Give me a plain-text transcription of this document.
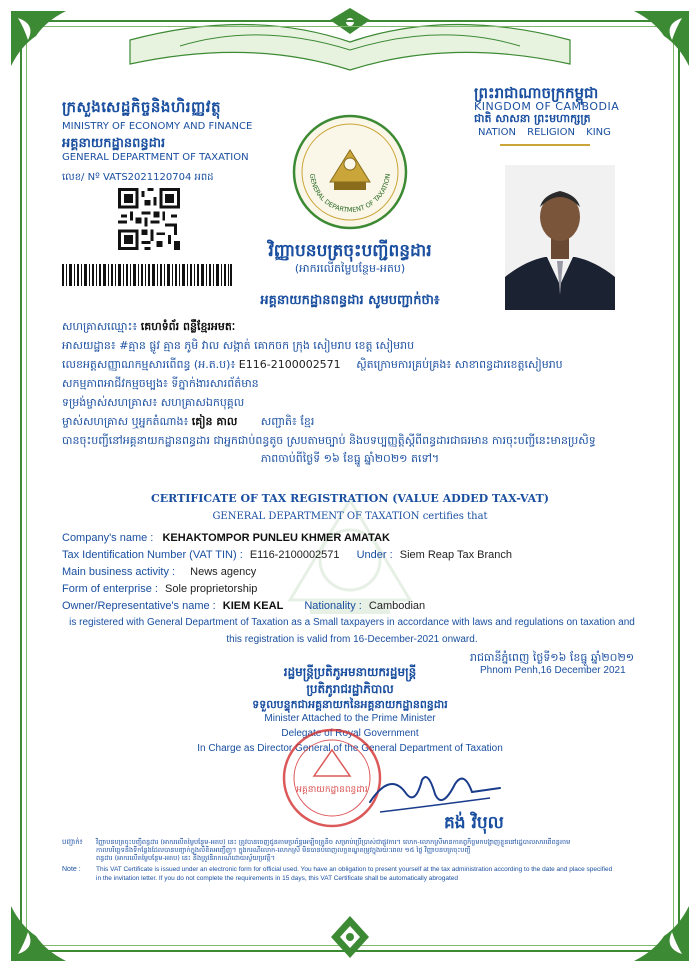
ក្រសួងសេដ្ឋកិច្ចនិងហិរញ្ញវត្ថុ
MINISTRY OF ECONOMY AND FINANCE
អគ្គនាយកដ្ឋានពន្ធដារ
GENERAL DEPARTMENT OF TAXATION
លេខ/ Nº VATS2021120704 អពដ	GENERAL DEPARTMENT OF TAXATION
ព្រះរាជាណាចក្រកម្ពុជា
KINGDOM OF CAMBODIA
ជាតិ សាសនា ព្រះមហាក្សត្រ
NATION RELIGION KING
វិញ្ញាបនបត្រចុះបញ្ជីពន្ធដារ
(អាករលើតម្លៃបន្ថែម-អតប)
អគ្គនាយកដ្ឋានពន្ធដារ សូមបញ្ជាក់ថា៖
សហគ្រាសឈ្មោះ៖ គេហទំព័រ ពន្លឺខ្មែរអមតៈ
អាសយដ្ឋាន៖ #គ្មាន ផ្លូវ គ្មាន ភូមិ វាល សង្កាត់ គោកចក ក្រុង សៀមរាប ខេត្ត សៀមរាប
លេខអត្តសញ្ញាណកម្មសារពើពន្ធ (អ.ត.ប)៖ E116-2100002571 ស្ថិតក្រោមការគ្រប់គ្រង៖ សាខាពន្ធដារខេត្តសៀមរាប
សកម្មភាពអាជីវកម្មចម្បង៖ ទីភ្នាក់ងារសារព័ត៌មាន
ទម្រង់ម្ចាស់សហគ្រាស៖ សហគ្រាសឯកបុគ្គល
ម្ចាស់សហគ្រាស ឬអ្នកតំណាង៖ គៀន គាល សញ្ជាតិ៖ ខ្មែរ
បានចុះបញ្ជីនៅអគ្គនាយកដ្ឋានពន្ធដារ ជាអ្នកជាប់ពន្ធតូច ស្របតាមច្បាប់ និងបទប្បញ្ញត្តិស្តីពីពន្ធដារជាធរមាន ការចុះបញ្ជីនេះមានប្រសិទ្ធ
ភាពចាប់ពីថ្ងៃទី ១៦ ខែធ្នូ ឆ្នាំ២០២១ តទៅ។
CERTIFICATE OF TAX REGISTRATION (VALUE ADDED TAX-VAT)
GENERAL DEPARTMENT OF TAXATION certifies that
Company's name : KEHAKTOMPOR PUNLEU KHMER AMATAK
Tax Identification Number (VAT TIN) : E116-2100002571 Under : Siem Reap Tax Branch
Main business activity : News agency
Form of enterprise : Sole proprietorship
Owner/Representative's name : KIEM KEAL Nationality : Cambodian
is registered with General Department of Taxation as a Small taxpayers in accordance with laws and regulations on taxation and
this registration is valid from 16-December-2021 onward.
រាជធានីភ្នំពេញ ថ្ងៃទី១៦ ខែធ្នូ ឆ្នាំ២០២១
Phnom Penh,16 December 2021
រដ្ឋមន្ត្រីប្រតិភូអមនាយករដ្ឋមន្ត្រី
ប្រតិភូរាជរដ្ឋាភិបាល
ទទួលបន្ទុកជាអគ្គនាយកនៃអគ្គនាយកដ្ឋានពន្ធដារ
Minister Attached to the Prime Minister
Delegate of Royal Government
In Charge as Director General of the General Department of Taxation
អគ្គនាយកដ្ឋានពន្ធដារ
គង់ វិបុល
បញ្ជាក់៖ វិញ្ញាបនបត្រចុះបញ្ជីពន្ធដារ (អាករលើតម្លៃបន្ថែម-អតប) នេះ ត្រូវបានចេញជូនតាមប្រព័ន្ធអេឡិចត្រូនិច សម្រាប់ប្រើប្រាស់ជាផ្លូវការ។ លោក-លោកស្រីមានកាតព្វកិច្ចមកបង្ហាញខ្លួននៅរដ្ឋបាលសារពើពន្ធតាម
កាលបរិច្ឆេទនិងទីកន្លែងដែលបានបញ្ជាក់ក្នុងលិខិតអញ្ជើញ។ ក្នុងករណីលោក-លោកស្រី មិនបានបំពេញលក្ខខណ្ឌតម្រូវក្នុងរយៈពេល ១៥ ថ្ងៃ វិញ្ញាបនបត្រចុះបញ្ជី
ពន្ធដារ (អាករលើតម្លៃបន្ថែម-អតប) នេះ នឹងត្រូវនិរាករណ៍ដោយស្វ័យប្រវត្តិ។
Note : This VAT Certificate is issued under an electronic form for official used. You have an obligation to present yourself at the tax administration according to the date and place specified
in the invitation letter. If you do not complete the requirements in 15 days, this VAT Certificate shall be automatically abrogated
